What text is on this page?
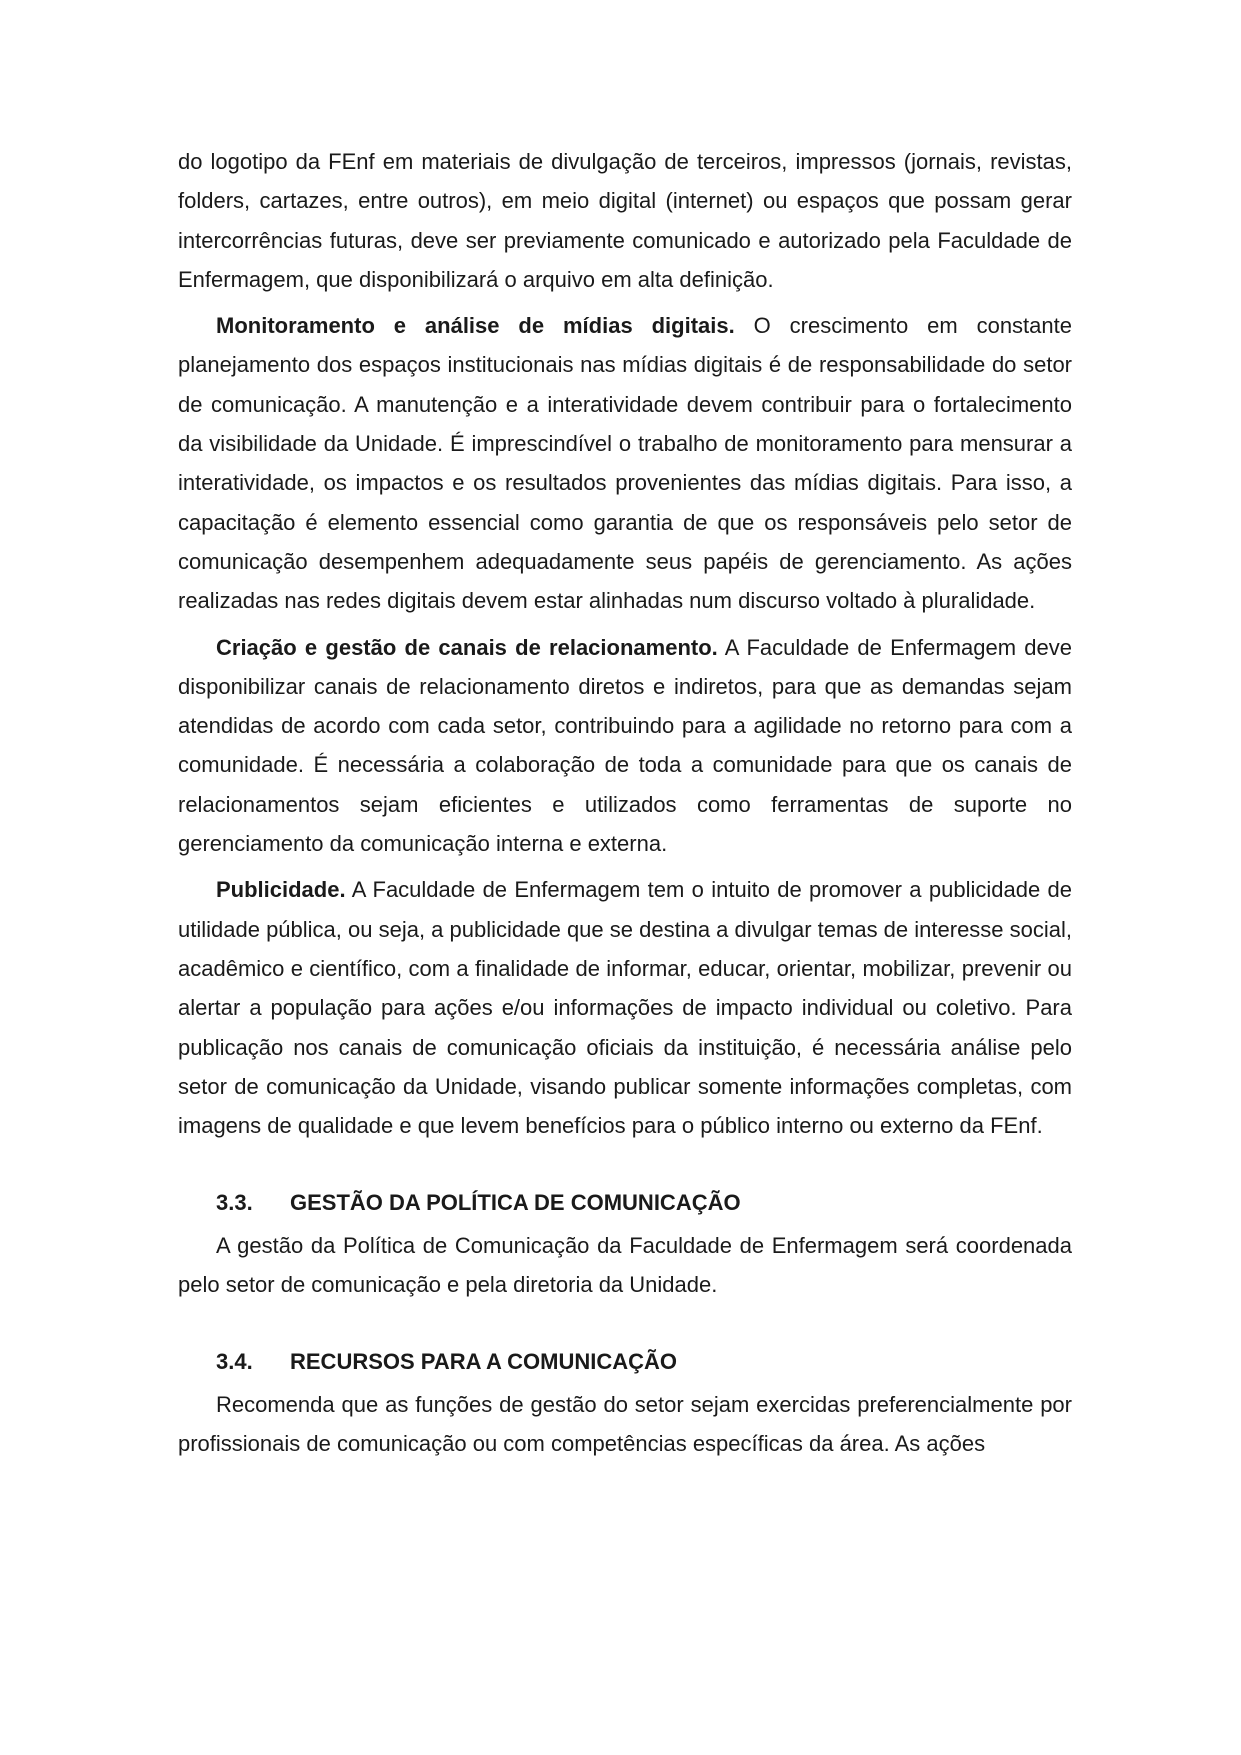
do logotipo da FEnf em materiais de divulgação de terceiros, impressos (jornais, revistas, folders, cartazes, entre outros), em meio digital (internet) ou espaços que possam gerar intercorrências futuras, deve ser previamente comunicado e autorizado pela Faculdade de Enfermagem, que disponibilizará o arquivo em alta definição.

Monitoramento e análise de mídias digitais. O crescimento em constante planejamento dos espaços institucionais nas mídias digitais é de responsabilidade do setor de comunicação. A manutenção e a interatividade devem contribuir para o fortalecimento da visibilidade da Unidade. É imprescindível o trabalho de monitoramento para mensurar a interatividade, os impactos e os resultados provenientes das mídias digitais. Para isso, a capacitação é elemento essencial como garantia de que os responsáveis pelo setor de comunicação desempenhem adequadamente seus papéis de gerenciamento. As ações realizadas nas redes digitais devem estar alinhadas num discurso voltado à pluralidade.

Criação e gestão de canais de relacionamento. A Faculdade de Enfermagem deve disponibilizar canais de relacionamento diretos e indiretos, para que as demandas sejam atendidas de acordo com cada setor, contribuindo para a agilidade no retorno para com a comunidade. É necessária a colaboração de toda a comunidade para que os canais de relacionamentos sejam eficientes e utilizados como ferramentas de suporte no gerenciamento da comunicação interna e externa.

Publicidade. A Faculdade de Enfermagem tem o intuito de promover a publicidade de utilidade pública, ou seja, a publicidade que se destina a divulgar temas de interesse social, acadêmico e científico, com a finalidade de informar, educar, orientar, mobilizar, prevenir ou alertar a população para ações e/ou informações de impacto individual ou coletivo. Para publicação nos canais de comunicação oficiais da instituição, é necessária análise pelo setor de comunicação da Unidade, visando publicar somente informações completas, com imagens de qualidade e que levem benefícios para o público interno ou externo da FEnf.

3.3. GESTÃO DA POLÍTICA DE COMUNICAÇÃO

A gestão da Política de Comunicação da Faculdade de Enfermagem será coordenada pelo setor de comunicação e pela diretoria da Unidade.

3.4. RECURSOS PARA A COMUNICAÇÃO

Recomenda que as funções de gestão do setor sejam exercidas preferencialmente por profissionais de comunicação ou com competências específicas da área. As ações
